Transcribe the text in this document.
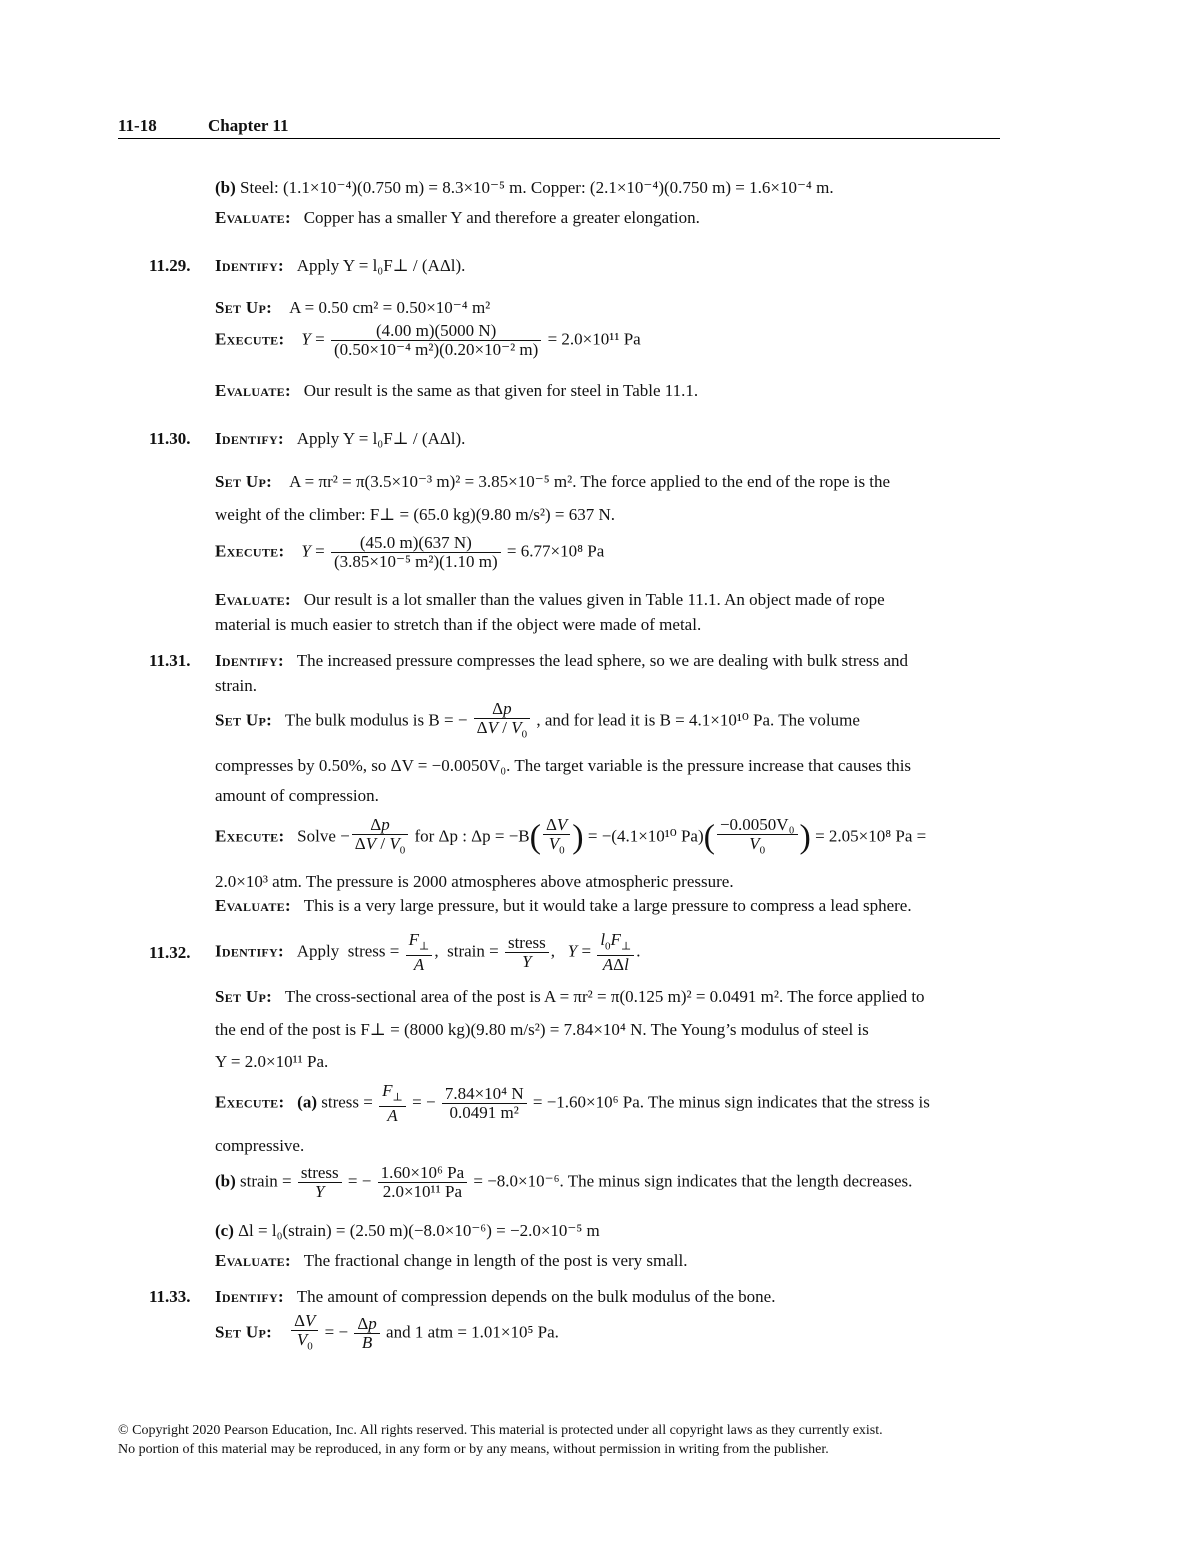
11-18	Chapter 11
(b) Steel: (1.1×10⁻⁴)(0.750 m) = 8.3×10⁻⁵ m. Copper: (2.1×10⁻⁴)(0.750 m) = 1.6×10⁻⁴ m.
Evaluate: Copper has a smaller Y and therefore a greater elongation.
11.29. Identify: Apply Y = l₀F⊥ / (AΔl).
Set Up: A = 0.50 cm² = 0.50×10⁻⁴ m²
Execute: $Y = \frac{(4.00 m)(5000 N)}{\text{(0.50×10⁻⁴ m²)(0.20×10⁻² m)}} = 2.0\times 10^{11}$ Pa
Evaluate: Our result is the same as that given for steel in Table 11.1.
11.30. Identify: Apply Y = l₀F⊥ / (AΔl).
Set Up: A = πr² = π(3.5×10⁻³ m)² = 3.85×10⁻⁵ m². The force applied to the end of the rope is the
weight of the climber: F⊥ = (65.0 kg)(9.80 m/s²) = 637 N.
Execute: $Y = \frac{(45.0 m)(637 N)}{\text{(3.85×10⁻⁵ m²)(1.10 m)}} = 6.77\times 10^8$ Pa
Evaluate: Our result is a lot smaller than the values given in Table 11.1. An object made of rope
material is much easier to stretch than if the object were made of metal.
11.31. Identify: The increased pressure compresses the lead sphere, so we are dealing with bulk stress and
strain.
Set Up: The bulk modulus is B = − $\frac{\Delta p}{\Delta V / V_0}$ , and for lead it is B = 4.1×10¹⁰ Pa. The volume
compresses by 0.50%, so ΔV = −0.0050V₀. The target variable is the pressure increase that causes this
amount of compression.
Execute: Solve − $\frac{\Delta p}{\Delta V / V_0}$ for Δp : $\Delta p = -B( \frac{\Delta V}{V_0}$ ) = −(4.1×10¹⁰ $Pa)( \frac{\text{−0.0050V₀}}{V_0}$ ) = 2.05×10⁸ Pa =
2.0×10³ atm. The pressure is 2000 atmospheres above atmospheric pressure.
Evaluate: This is a very large pressure, but it would take a large pressure to compress a lead sphere.
11.32. Identify: Apply  stress = $\frac{F_\perp}{A}$ ,  strain = $\frac{\text{stress}}{Y}$ ,   $Y = \frac{l_0F_\perp}{\text{AΔl}}$ .
Set Up: The cross-sectional area of the post is A = πr² = π(0.125 m)² = 0.0491 m². The force applied to
the end of the post is F⊥ = (8000 kg)(9.80 m/s²) = 7.84×10⁴ N. The Young’s modulus of steel is
Y = 2.0×10¹¹ Pa.
Execute: (a) stress = $\frac{F_\perp}{A}$ = − $\frac{\text{7.84×10⁴ N}}{\text{0.0491 m²}} = -1.60\times 10^6$ Pa. The minus sign indicates that the stress is
compressive.
(b) strain = $\frac{\text{stress}}{Y}$ = − $\frac{\text{1.60×10⁶ Pa}}{\text{2.0×10¹¹ Pa}} = -8.0\times 10^{-6}$. The minus sign indicates that the length decreases.
(c) Δl = l₀(strain) = (2.50 m)(−8.0×10⁻⁶) = −2.0×10⁻⁵ m
Evaluate: The fractional change in length of the post is very small.
11.33. Identify: The amount of compression depends on the bulk modulus of the bone.
Set Up: $\frac{\Delta V}{V_0}$ = − $\frac{\Delta p}{B}$ and 1 atm = 1.01×10⁵ Pa.
© Copyright 2020 Pearson Education, Inc. All rights reserved. This material is protected under all copyright laws as they currently exist.
No portion of this material may be reproduced, in any form or by any means, without permission in writing from the publisher.
